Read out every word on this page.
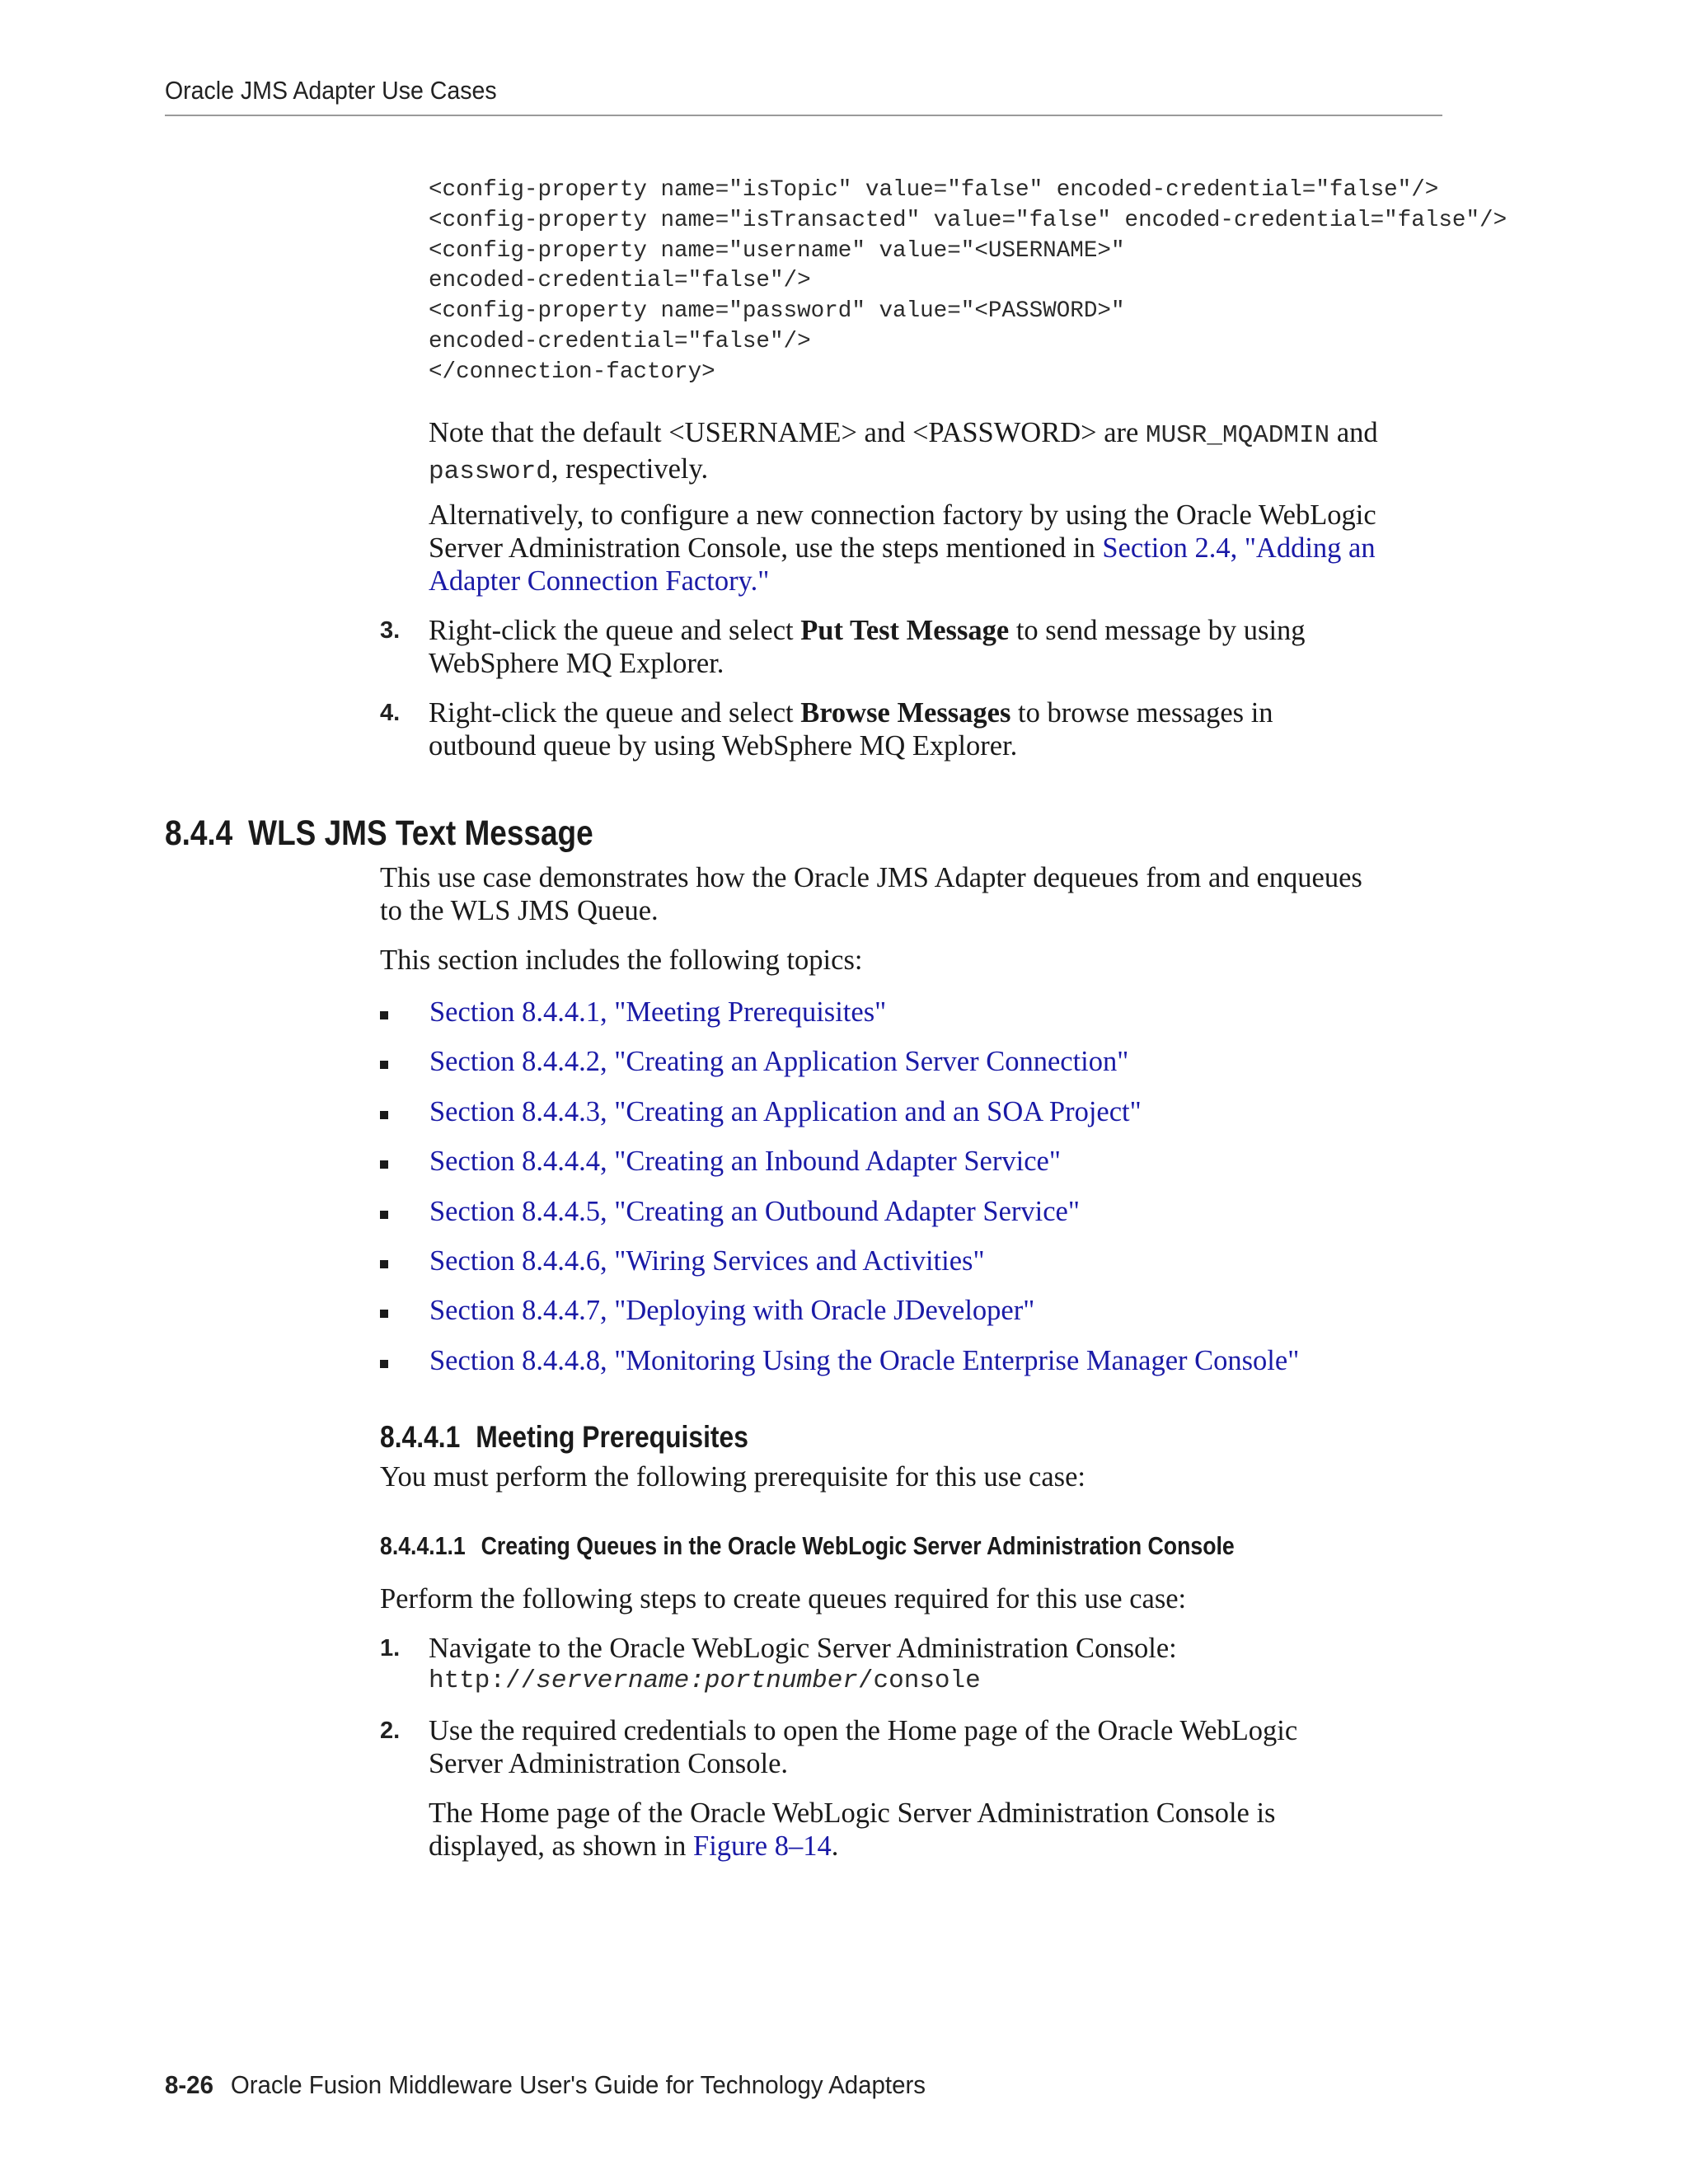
Oracle JMS Adapter Use Cases
<config-property name="isTopic" value="false" encoded-credential="false"/>
<config-property name="isTransacted" value="false" encoded-credential="false"/>
<config-property name="username" value="<USERNAME>"
encoded-credential="false"/>
<config-property name="password" value="<PASSWORD>"
encoded-credential="false"/>
</connection-factory>
Note that the default <USERNAME> and <PASSWORD> are MUSR_MQADMIN and
password, respectively.
Alternatively, to configure a new connection factory by using the Oracle WebLogic
Server Administration Console, use the steps mentioned in Section 2.4, "Adding an
Adapter Connection Factory."
3. Right-click the queue and select Put Test Message to send message by using
WebSphere MQ Explorer.
4. Right-click the queue and select Browse Messages to browse messages in
outbound queue by using WebSphere MQ Explorer.
8.4.4 WLS JMS Text Message
This use case demonstrates how the Oracle JMS Adapter dequeues from and enqueues
to the WLS JMS Queue.
This section includes the following topics:
Section 8.4.4.1, "Meeting Prerequisites"
Section 8.4.4.2, "Creating an Application Server Connection"
Section 8.4.4.3, "Creating an Application and an SOA Project"
Section 8.4.4.4, "Creating an Inbound Adapter Service"
Section 8.4.4.5, "Creating an Outbound Adapter Service"
Section 8.4.4.6, "Wiring Services and Activities"
Section 8.4.4.7, "Deploying with Oracle JDeveloper"
Section 8.4.4.8, "Monitoring Using the Oracle Enterprise Manager Console"
8.4.4.1 Meeting Prerequisites
You must perform the following prerequisite for this use case:
8.4.4.1.1 Creating Queues in the Oracle WebLogic Server Administration Console
Perform the following steps to create queues required for this use case:
1. Navigate to the Oracle WebLogic Server Administration Console:
http://servername:portnumber/console
2. Use the required credentials to open the Home page of the Oracle WebLogic
Server Administration Console.
The Home page of the Oracle WebLogic Server Administration Console is
displayed, as shown in Figure 8–14.
8-26 Oracle Fusion Middleware User's Guide for Technology Adapters
